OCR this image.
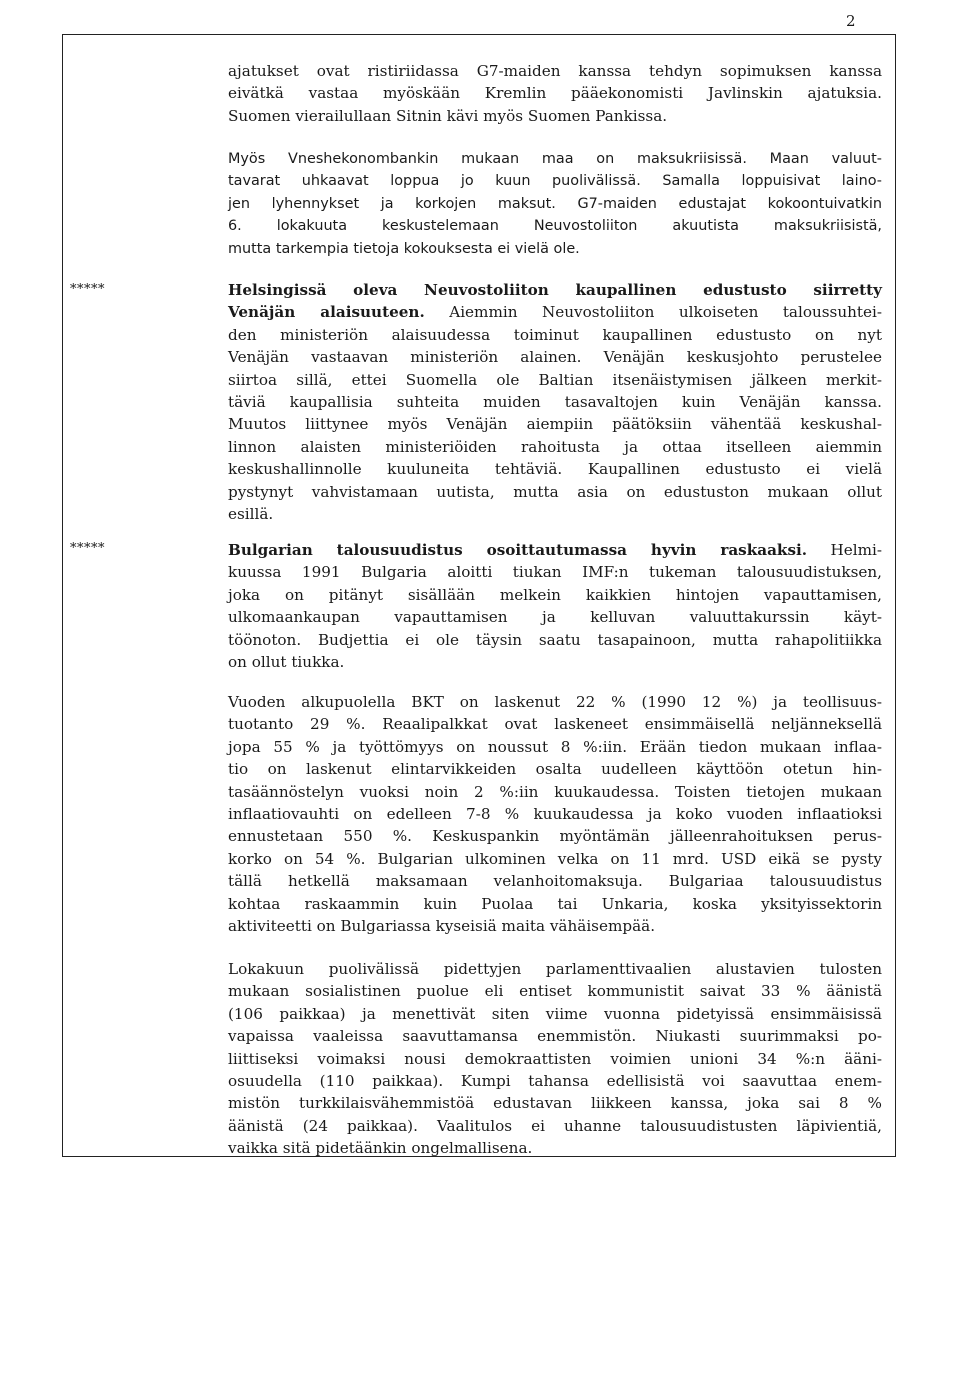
2
*****
*****
ajatukset ovat ristiriidassa G7-maiden kanssa tehdyn sopimuksen kanssa
eivätkä vastaa myöskään Kremlin pääekonomisti Javlinskin ajatuksia.
Suomen vierailullaan Sitnin kävi myös Suomen Pankissa.
Myös Vneshekonombankin mukaan maa on maksukriisissä. Maan valuut-
tavarat uhkaavat loppua jo kuun puolivälissä. Samalla loppuisivat laino-
jen lyhennykset ja korkojen maksut. G7-maiden edustajat kokoontuivatkin
6. lokakuuta keskustelemaan Neuvostoliiton akuutista maksukriisistä,
mutta tarkempia tietoja kokouksesta ei vielä ole.
Helsingissä oleva Neuvostoliiton kaupallinen edustusto siirretty
Venäjän alaisuuteen. Aiemmin Neuvostoliiton ulkoiseten taloussuhtei-
den ministeriön alaisuudessa toiminut kaupallinen edustusto on nyt
Venäjän vastaavan ministeriön alainen. Venäjän keskusjohto perustelee
siirtoa sillä, ettei Suomella ole Baltian itsenäistymisen jälkeen merkit-
täviä kaupallisia suhteita muiden tasavaltojen kuin Venäjän kanssa.
Muutos liittynee myös Venäjän aiempiin päätöksiin vähentää keskushal-
linnon alaisten ministeriöiden rahoitusta ja ottaa itselleen aiemmin
keskushallinnolle kuuluneita tehtäviä. Kaupallinen edustusto ei vielä
pystynyt vahvistamaan uutista, mutta asia on edustuston mukaan ollut
esillä.
Bulgarian talousuudistus osoittautumassa hyvin raskaaksi. Helmi-
kuussa 1991 Bulgaria aloitti tiukan IMF:n tukeman talousuudistuksen,
joka on pitänyt sisällään melkein kaikkien hintojen vapauttamisen,
ulkomaankaupan vapauttamisen ja kelluvan valuuttakurssin käyt-
töönoton. Budjettia ei ole täysin saatu tasapainoon, mutta rahapolitiikka
on ollut tiukka.
Vuoden alkupuolella BKT on laskenut 22 % (1990 12 %) ja teollisuus-
tuotanto 29 %. Reaalipalkkat ovat laskeneet ensimmäisellä neljänneksellä
jopa 55 % ja työttömyys on noussut 8 %:iin. Erään tiedon mukaan inflaa-
tio on laskenut elintarvikkeiden osalta uudelleen käyttöön otetun hin-
tasäännöstelyn vuoksi noin 2 %:iin kuukaudessa. Toisten tietojen mukaan
inflaatiovauhti on edelleen 7-8 % kuukaudessa ja koko vuoden inflaatioksi
ennustetaan 550 %. Keskuspankin myöntämän jälleenrahoituksen perus-
korko on 54 %. Bulgarian ulkominen velka on 11 mrd. USD eikä se pysty
tällä hetkellä maksamaan velanhoitomaksuja. Bulgariaa talousuudistus
kohtaa raskaammin kuin Puolaa tai Unkaria, koska yksityissektorin
aktiviteetti on Bulgariassa kyseisiä maita vähäisempää.
Lokakuun puolivälissä pidettyjen parlamenttivaalien alustavien tulosten
mukaan sosialistinen puolue eli entiset kommunistit saivat 33 % äänistä
(106 paikkaa) ja menettivät siten viime vuonna pidetyissä ensimmäisissä
vapaissa vaaleissa saavuttamansa enemmistön. Niukasti suurimmaksi po-
liittiseksi voimaksi nousi demokraattisten voimien unioni 34 %:n ääni-
osuudella (110 paikkaa). Kumpi tahansa edellisistä voi saavuttaa enem-
mistön turkkilaisvähemmistöä edustavan liikkeen kanssa, joka sai 8 %
äänistä (24 paikkaa). Vaalitulos ei uhanne talousuudistusten läpivientiä,
vaikka sitä pidetäänkin ongelmallisena.
